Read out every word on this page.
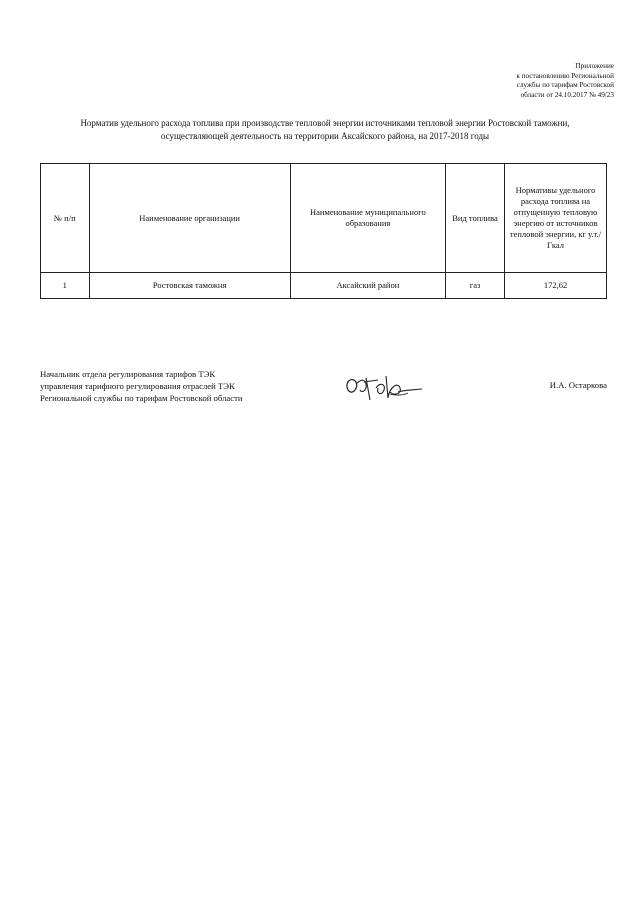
Приложение
к постановлению Региональной
службы по тарифам Ростовской
области от 24.10.2017 № 49/23
Норматив удельного расхода топлива при производстве тепловой энергии источниками тепловой энергии Ростовской таможни,
осуществляющей деятельность на территории Аксайского района, на 2017-2018 годы
№ п/п	Наименование организации	Наименование муниципального образования	Вид топлива	Нормативы удельного расхода топлива на отпущенную тепловую энергию от источников тепловой энергии, кг у.т./Гкал
1	Ростовская таможня	Аксайский район	газ	172,62
Начальник отдела регулирования тарифов ТЭК
управления тарифного регулирования отраслей ТЭК
Региональной службы по тарифам Ростовской области
И.А. Остаркова
